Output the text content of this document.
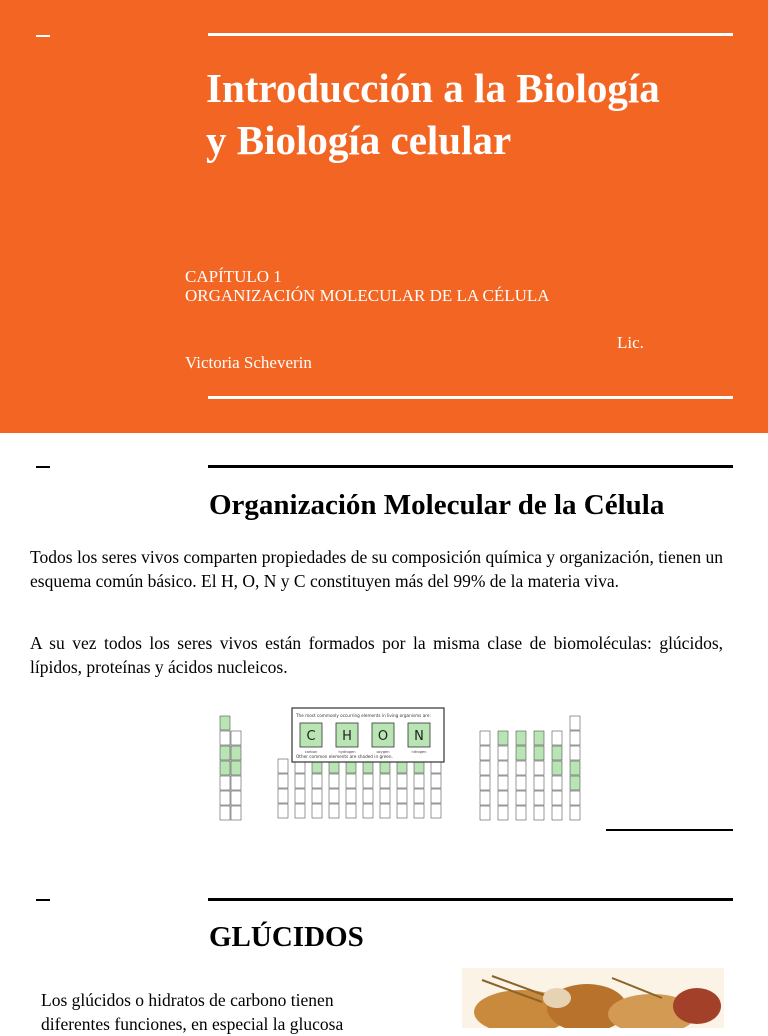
Introducción a la Biología
y Biología celular
CAPÍTULO 1
ORGANIZACIÓN MOLECULAR DE LA CÉLULA
Lic.
Victoria Scheverin
Organización Molecular de la Célula

Todos los seres vivos comparten propiedades de su composición química y organización, tienen un esquema común básico. El H, O, N y C constituyen más del 99% de la materia viva.

A su vez todos los seres vivos están formados por la misma clase de biomoléculas: glúcidos, lípidos, proteínas y ácidos nucleicos.

The most commonly occurring elements in living organisms are:
C
carbon
H
hydrogen
O
oxygen
N
nitrogen
Other common elements are shaded in green.
GLÚCIDOS

Los glúcidos o hidratos de carbono tienen diferentes funciones, en especial la glucosa
